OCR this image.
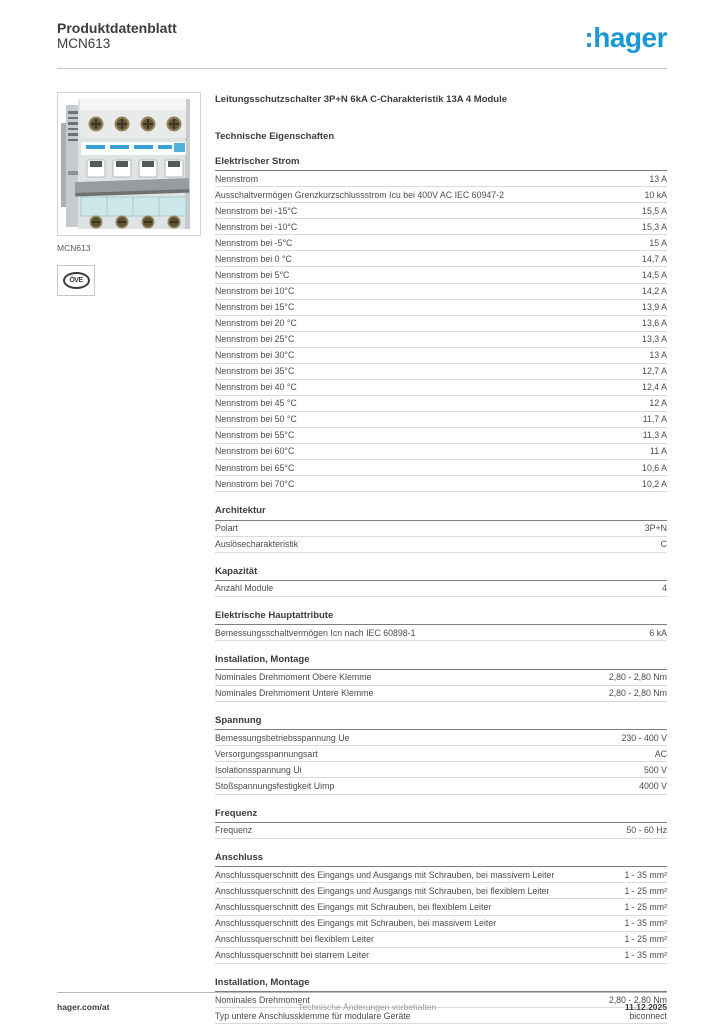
Produktdatenblatt
MCN613	:hager
MCN613
ÖVE
Leitungsschutzschalter 3P+N 6kA C-Charakteristik 13A 4 Module
Technische Eigenschaften
Elektrischer Strom
Nennstrom	13 A
Ausschaltvermögen Grenzkurzschlussstrom Icu bei 400V AC IEC 60947-2	10 kA
Nennstrom bei -15°C	15,5 A
Nennstrom bei -10°C	15,3 A
Nennstrom bei -5°C	15 A
Nennstrom bei 0 °C	14,7 A
Nennstrom bei 5°C	14,5 A
Nennstrom bei 10°C	14,2 A
Nennstrom bei 15°C	13,9 A
Nennstrom bei 20 °C	13,6 A
Nennstrom bei 25°C	13,3 A
Nennstrom bei 30°C	13 A
Nennstrom bei 35°C	12,7 A
Nennstrom bei 40 °C	12,4 A
Nennstrom bei 45 °C	12 A
Nennstrom bei 50 °C	11,7 A
Nennstrom bei 55°C	11,3 A
Nennstrom bei 60°C	11 A
Nennstrom bei 65°C	10,6 A
Nennstrom bei 70°C	10,2 A
Architektur
Polart	3P+N
Auslösecharakteristik	C
Kapazität
Anzahl Module	4
Elektrische Hauptattribute
Bemessungsschaltvermögen Icn nach IEC 60898-1	6 kA
Installation, Montage
Nominales Drehmoment Obere Klemme	2,80 - 2,80 Nm
Nominales Drehmoment Untere Klemme	2,80 - 2,80 Nm
Spannung
Bemessungsbetriebsspannung Ue	230 - 400 V
Versorgungsspannungsart	AC
Isolationsspannung Ui	500 V
Stoßspannungsfestigkeit Uimp	4000 V
Frequenz
Frequenz	50 - 60 Hz
Anschluss
Anschlussquerschnitt des Eingangs und Ausgangs mit Schrauben, bei massivem Leiter	1 - 35 mm²
Anschlussquerschnitt des Eingangs und Ausgangs mit Schrauben, bei flexiblem Leiter	1 - 25 mm²
Anschlussquerschnitt des Eingangs mit Schrauben, bei flexiblem Leiter	1 - 25 mm²
Anschlussquerschnitt des Eingangs mit Schrauben, bei massivem Leiter	1 - 35 mm²
Anschlussquerschnitt bei flexiblem Leiter	1 - 25 mm²
Anschlussquerschnitt bei starrem Leiter	1 - 35 mm²
Installation, Montage
Nominales Drehmoment	2,80 - 2,80 Nm
Typ untere Anschlussklemme für modulare Geräte	biconnect
hager.com/at	Technische Änderungen vorbehalten	11.12.2025
